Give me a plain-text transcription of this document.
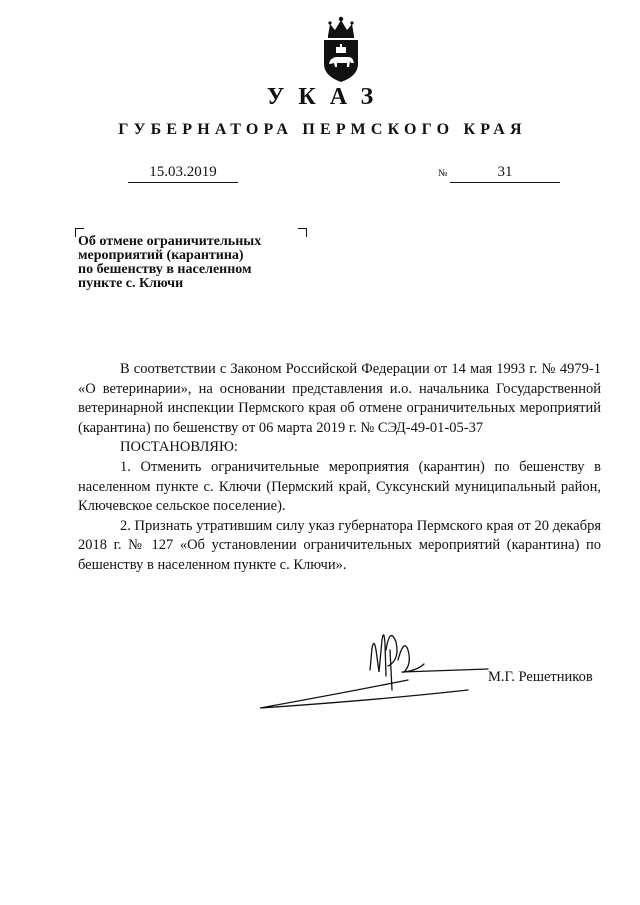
УКАЗ
ГУБЕРНАТОРА ПЕРМСКОГО КРАЯ
15.03.2019	№	31
Об отмене ограничительных
мероприятий (карантина)
по бешенству в населенном
пункте с. Ключи

В соответствии с Законом Российской Федерации от 14 мая 1993 г. № 4979-1 «О ветеринарии», на основании представления и.о. начальника Государственной ветеринарной инспекции Пермского края об отмене ограничительных мероприятий (карантина) по бешенству от 06 марта 2019 г. № СЭД-49-01-05-37

ПОСТАНОВЛЯЮ:

1. Отменить ограничительные мероприятия (карантин) по бешенству в населенном пункте с. Ключи (Пермский край, Суксунский муниципальный район, Ключевское сельское поселение).

2. Признать утратившим силу указ губернатора Пермского края от 20 декабря 2018 г. № 127 «Об установлении ограничительных мероприятий (карантина) по бешенству в населенном пункте с. Ключи».

М.Г. Решетников
